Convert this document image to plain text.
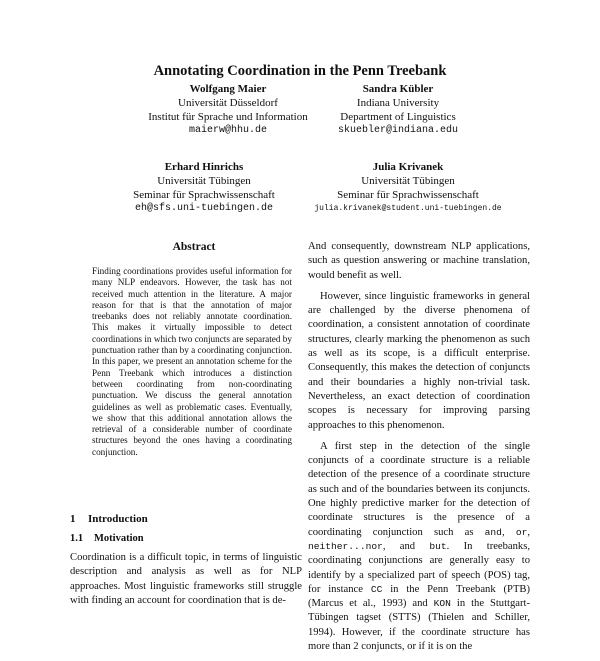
Annotating Coordination in the Penn Treebank
Wolfgang Maier
Universität Düsseldorf
Institut für Sprache und Information
maierw@hhu.de
Sandra Kübler
Indiana University
Department of Linguistics
skuebler@indiana.edu
Erhard Hinrichs
Universität Tübingen
Seminar für Sprachwissenschaft
eh@sfs.uni-tuebingen.de
Julia Krivanek
Universität Tübingen
Seminar für Sprachwissenschaft
julia.krivanek@student.uni-tuebingen.de
Abstract
Finding coordinations provides useful information for many NLP endeavors. However, the task has not received much attention in the literature. A major reason for that is that the annotation of major treebanks does not reliably annotate coordination. This makes it virtually impossible to detect coordinations in which two conjuncts are separated by punctuation rather than by a coordinating conjunction. In this paper, we present an annotation scheme for the Penn Treebank which introduces a distinction between coordinating from non-coordinating punctuation. We discuss the general annotation guidelines as well as problematic cases. Eventually, we show that this additional annotation allows the retrieval of a considerable number of coordinate structures beyond the ones having a coordinating conjunction.
1 Introduction
1.1 Motivation
Coordination is a difficult topic, in terms of linguistic description and analysis as well as for NLP approaches. Most linguistic frameworks still struggle with finding an account for coordination that is de-

And consequently, downstream NLP applications, such as question answering or machine translation, would benefit as well.

However, since linguistic frameworks in general are challenged by the diverse phenomena of coordination, a consistent annotation of coordinate structures, clearly marking the phenomenon as such as well as its scope, is a difficult enterprise. Consequently, this makes the detection of conjuncts and their boundaries a highly non-trivial task. Nevertheless, an exact detection of coordination scopes is necessary for improving parsing approaches to this phenomenon.

A first step in the detection of the single conjuncts of a coordinate structure is a reliable detection of the presence of a coordinate structure as such and of the boundaries between its conjuncts. One highly predictive marker for the detection of coordinate structures is the presence of a coordinating conjunction such as and, or, neither...nor, and but. In treebanks, coordinating conjunctions are generally easy to identify by a specialized part of speech (POS) tag, for instance CC in the Penn Treebank (PTB) (Marcus et al., 1993) and KON in the Stuttgart-Tübingen tagset (STTS) (Thielen and Schiller, 1994). However, if the coordinate structure has more than 2 conjuncts, or if it is on the
